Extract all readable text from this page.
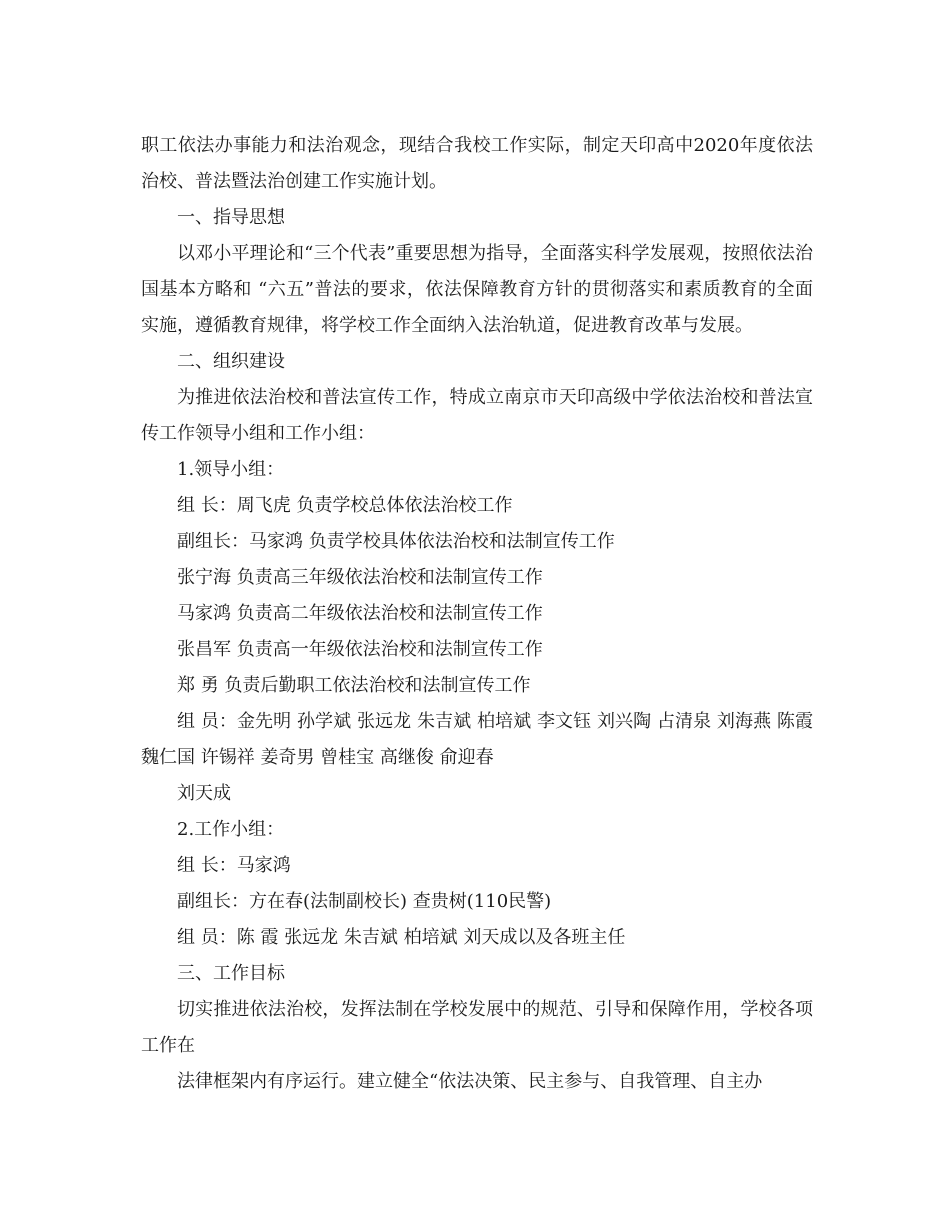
职工依法办事能力和法治观念，现结合我校工作实际，制定天印高中2020年度依法治校、普法暨法治创建工作实施计划。

一、指导思想

以邓小平理论和“三个代表”重要思想为指导，全面落实科学发展观，按照依法治国基本方略和 “六五”普法的要求，依法保障教育方针的贯彻落实和素质教育的全面实施，遵循教育规律，将学校工作全面纳入法治轨道，促进教育改革与发展。

二、组织建设

为推进依法治校和普法宣传工作，特成立南京市天印高级中学依法治校和普法宣传工作领导小组和工作小组：

1.领导小组：

组 长：周飞虎 负责学校总体依法治校工作

副组长：马家鸿 负责学校具体依法治校和法制宣传工作

张宁海 负责高三年级依法治校和法制宣传工作

马家鸿 负责高二年级依法治校和法制宣传工作

张昌军 负责高一年级依法治校和法制宣传工作

郑 勇 负责后勤职工依法治校和法制宣传工作

组 员：金先明 孙学斌 张远龙 朱吉斌 柏培斌 李文钰 刘兴陶 占清泉 刘海燕 陈霞 魏仁国 许锡祥 姜奇男 曾桂宝 高继俊 俞迎春

刘天成

2.工作小组：

组 长：马家鸿

副组长：方在春(法制副校长) 查贵树(110民警)

组 员：陈 霞 张远龙 朱吉斌 柏培斌 刘天成以及各班主任

三、工作目标

切实推进依法治校，发挥法制在学校发展中的规范、引导和保障作用，学校各项工作在

法律框架内有序运行。建立健全“依法决策、民主参与、自我管理、自主办
